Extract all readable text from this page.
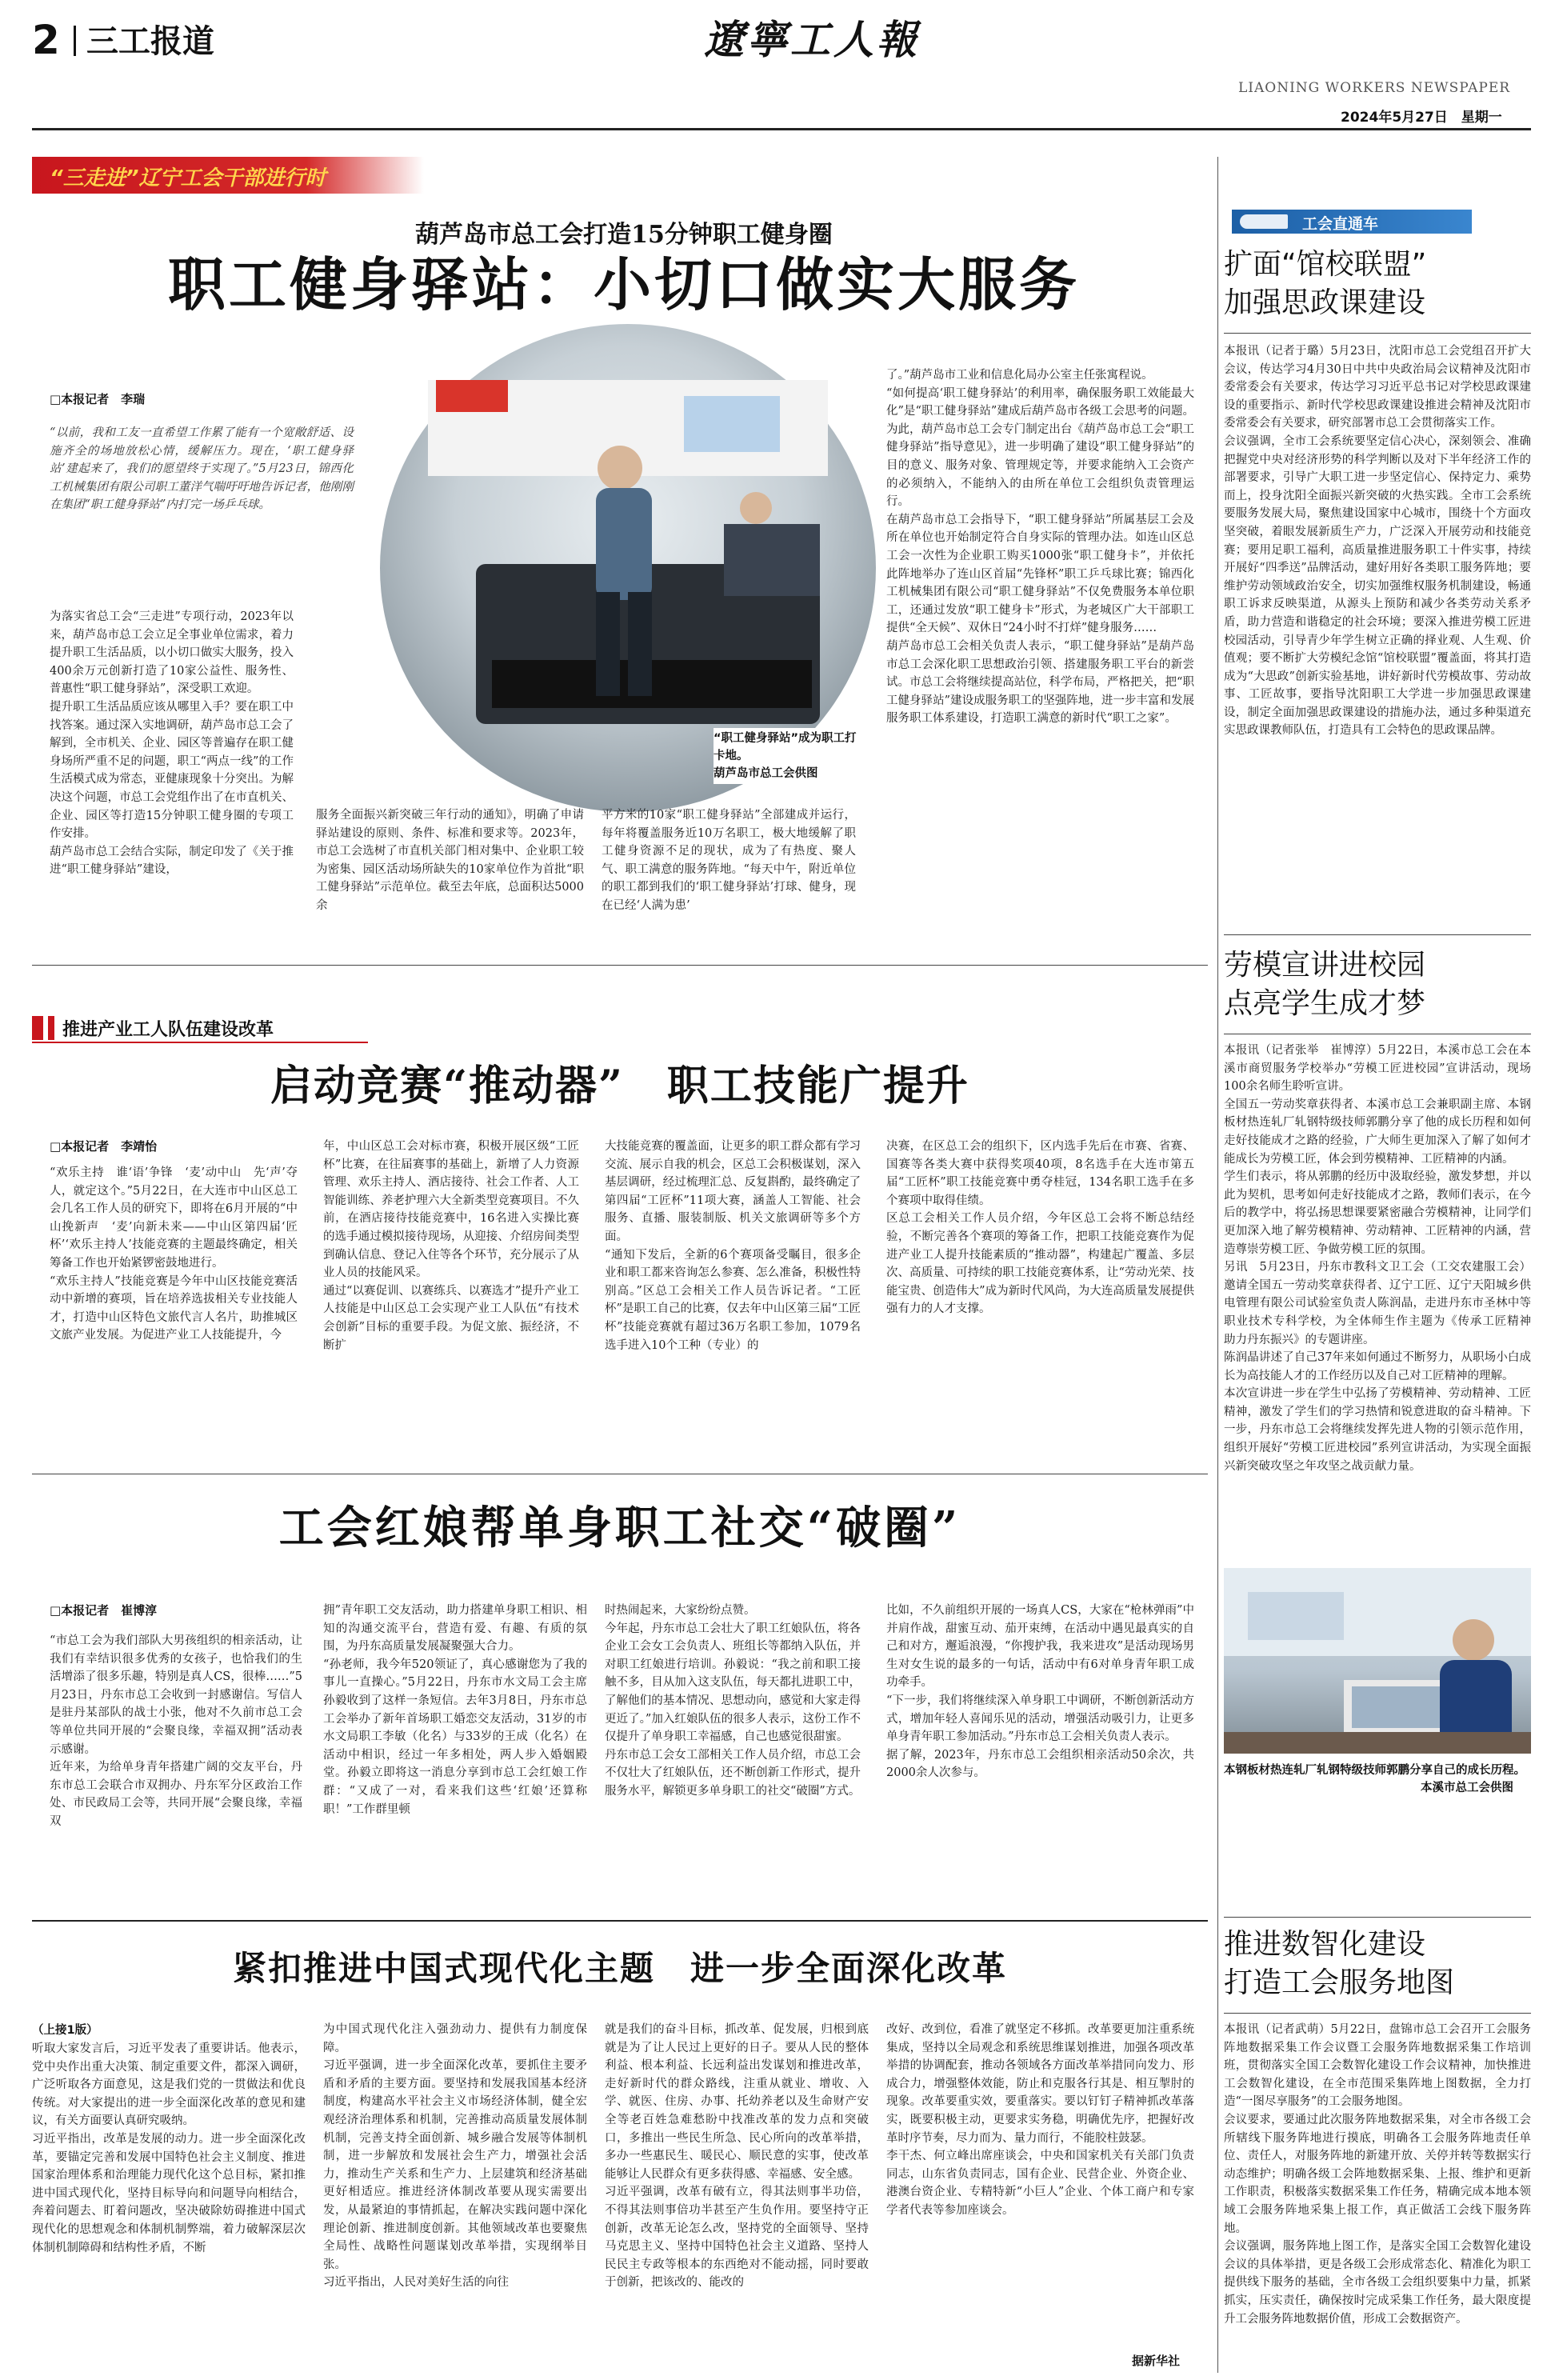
2 三工报道	遼寧工人報
LIAONING WORKERS NEWSPAPER
2024年5月27日　星期一
“三走进”辽宁工会干部进行时
葫芦岛市总工会打造15分钟职工健身圈
职工健身驿站：小切口做实大服务
□本报记者　李瑞
“以前，我和工友一直希望工作累了能有一个宽敞舒适、设施齐全的场地放松心情，缓解压力。现在，‘职工健身驿站’建起来了，我们的愿望终于实现了。”5月23日，锦西化工机械集团有限公司职工董洋气喘吁吁地告诉记者，他刚刚在集团“职工健身驿站”内打完一场乒乓球。
“职工健身驿站”成为职工打卡地。
葫芦岛市总工会供图
为落实省总工会“三走进”专项行动，2023年以来，葫芦岛市总工会立足全事业单位需求，着力提升职工生活品质，以小切口做实大服务，投入400余万元创新打造了10家公益性、服务性、普惠性“职工健身驿站”，深受职工欢迎。
提升职工生活品质应该从哪里入手？要在职工中找答案。通过深入实地调研，葫芦岛市总工会了解到，全市机关、企业、园区等普遍存在职工健身场所严重不足的问题，职工“两点一线”的工作生活模式成为常态，亚健康现象十分突出。为解决这个问题，市总工会党组作出了在市直机关、企业、园区等打造15分钟职工健身圈的专项工作安排。
葫芦岛市总工会结合实际，制定印发了《关于推进“职工健身驿站”建设，
服务全面振兴新突破三年行动的通知》，明确了申请驿站建设的原则、条件、标准和要求等。2023年，市总工会选树了市直机关部门相对集中、企业职工较为密集、园区活动场所缺失的10家单位作为首批“职工健身驿站”示范单位。截至去年底，总面积达5000余
平方米的10家“职工健身驿站”全部建成并运行，每年将覆盖服务近10万名职工，极大地缓解了职工健身资源不足的现状，成为了有热度、聚人气、职工满意的服务阵地。“每天中午，附近单位的职工都到我们的‘职工健身驿站’打球、健身，现在已经‘人满为患’
了。”葫芦岛市工业和信息化局办公室主任张寓程说。
“如何提高‘职工健身驿站’的利用率，确保服务职工效能最大化”是“职工健身驿站”建成后葫芦岛市各级工会思考的问题。为此，葫芦岛市总工会专门制定出台《葫芦岛市总工会“职工健身驿站”指导意见》，进一步明确了建设“职工健身驿站”的目的意义、服务对象、管理规定等，并要求能纳入工会资产的必须纳入，不能纳入的由所在单位工会组织负责管理运行。
在葫芦岛市总工会指导下，“职工健身驿站”所属基层工会及所在单位也开始制定符合自身实际的管理办法。如连山区总工会一次性为企业职工购买1000张“职工健身卡”，并依托此阵地举办了连山区首届“先锋杯”职工乒乓球比赛；锦西化工机械集团有限公司“职工健身驿站”不仅免费服务本单位职工，还通过发放“职工健身卡”形式，为老城区广大干部职工提供“全天候”、双休日“24小时不打烊”健身服务……
葫芦岛市总工会相关负责人表示，“职工健身驿站”是葫芦岛市总工会深化职工思想政治引领、搭建服务职工平台的新尝试。市总工会将继续提高站位，科学布局，严格把关，把“职工健身驿站”建设成服务职工的坚强阵地，进一步丰富和发展服务职工体系建设，打造职工满意的新时代“职工之家”。
推进产业工人队伍建设改革
启动竞赛“推动器”　职工技能广提升
□本报记者　李靖怡
“欢乐主持　谁‘语’争锋　‘麦’动中山　先‘声’夺人，就定这个。”5月22日，在大连市中山区总工会几名工作人员的研究下，即将在6月开展的“中山挽新声　‘麦’向新未来——中山区第四届‘匠杯’‘欢乐主持人’技能竞赛的主题最终确定，相关筹备工作也开始紧锣密鼓地进行。
“欢乐主持人”技能竞赛是今年中山区技能竞赛活动中新增的赛项，旨在培养选拔相关专业技能人才，打造中山区特色文旅代言人名片，助推城区文旅产业发展。为促进产业工人技能提升，今
年，中山区总工会对标市赛，积极开展区级“工匠杯”比赛，在往届赛事的基础上，新增了人力资源管理、欢乐主持人、酒店接待、社会工作者、人工智能训练、养老护理六大全新类型竞赛项目。不久前，在酒店接待技能竞赛中，16名进入实操比赛的选手通过模拟接待现场，从迎接、介绍房间类型到确认信息、登记入住等各个环节，充分展示了从业人员的技能风采。
通过“以赛促训、以赛练兵、以赛选才”提升产业工人技能是中山区总工会实现产业工人队伍“有技术会创新”目标的重要手段。为促文旅、振经济，不断扩
大技能竞赛的覆盖面，让更多的职工群众都有学习交流、展示自我的机会，区总工会积极谋划，深入基层调研，经过梳理汇总、反复斟酌，最终确定了第四届“工匠杯”11项大赛，涵盖人工智能、社会服务、直播、服装制版、机关文旅调研等多个方面。
“通知下发后，全新的6个赛项备受瞩目，很多企业和职工都来咨询怎么参赛、怎么准备，积极性特别高。”区总工会相关工作人员告诉记者。“工匠杯”是职工自己的比赛，仅去年中山区第三届“工匠杯”技能竞赛就有超过36万名职工参加，1079名选手进入10个工种（专业）的
决赛，在区总工会的组织下，区内选手先后在市赛、省赛、国赛等各类大赛中获得奖项40项，8名选手在大连市第五届“工匠杯”职工技能竞赛中勇夺桂冠，134名职工选手在多个赛项中取得佳绩。
区总工会相关工作人员介绍，今年区总工会将不断总结经验，不断完善各个赛项的筹备工作，把职工技能竞赛作为促进产业工人提升技能素质的“推动器”，构建起广覆盖、多层次、高质量、可持续的职工技能竞赛体系，让“劳动光荣、技能宝贵、创造伟大”成为新时代风尚，为大连高质量发展提供强有力的人才支撑。
工会红娘帮单身职工社交“破圈”
□本报记者　崔博淳
“市总工会为我们部队大男孩组织的相亲活动，让我们有幸结识很多优秀的女孩子，也恰我们的生活增添了很多乐趣，特别是真人CS，很棒……”5月23日，丹东市总工会收到一封感谢信。写信人是驻丹某部队的战士小张，他对不久前市总工会等单位共同开展的“会聚良缘，幸福双拥”活动表示感谢。
近年来，为给单身青年搭建广阔的交友平台，丹东市总工会联合市双拥办、丹东军分区政治工作处、市民政局工会等，共同开展“会聚良缘，幸福双
拥”青年职工交友活动，助力搭建单身职工相识、相知的沟通交流平台，营造有爱、有趣、有质的氛围，为丹东高质量发展凝聚强大合力。
“孙老师，我今年520领证了，真心感谢您为了我的事儿一直操心。”5月22日，丹东市水文局工会主席孙毅收到了这样一条短信。去年3月8日，丹东市总工会举办了新年首场职工婚恋交友活动，31岁的市水文局职工李敏（化名）与33岁的王成（化名）在活动中相识，经过一年多相处，两人步入婚姻殿堂。孙毅立即将这一消息分享到市总工会红娘工作群：“又成了一对，看来我们这些‘红娘’还算称职！”工作群里顿
时热闹起来，大家纷纷点赞。
今年起，丹东市总工会壮大了职工红娘队伍，将各企业工会女工会负责人、班组长等都纳入队伍，并对职工红娘进行培训。孙毅说：“我之前和职工接触不多，目从加入这支队伍，每天都扎进职工中，了解他们的基本情况、思想动向，感觉和大家走得更近了。”加入红娘队伍的很多人表示，这份工作不仅提升了单身职工幸福感，自己也感觉很甜蜜。
丹东市总工会女工部相关工作人员介绍，市总工会不仅壮大了红娘队伍，还不断创新工作形式，提升服务水平，解锁更多单身职工的社交“破圈”方式。
比如，不久前组织开展的一场真人CS，大家在“枪林弹雨”中并肩作战，甜蜜互动、茄开束缚，在活动中遇见最真实的自己和对方，邂逅浪漫，“你搜护我，我来进攻”是活动现场男生对女生说的最多的一句话，活动中有6对单身青年职工成功牵手。
“下一步，我们将继续深入单身职工中调研，不断创新活动方式，增加年轻人喜闻乐见的活动，增强活动吸引力，让更多单身青年职工参加活动。”丹东市总工会相关负责人表示。
据了解，2023年，丹东市总工会组织相亲活动50余次，共2000余人次参与。
紧扣推进中国式现代化主题　进一步全面深化改革
（上接1版）
听取大家发言后，习近平发表了重要讲话。他表示，党中央作出重大决策、制定重要文件，都深入调研，广泛听取各方面意见，这是我们党的一贯做法和优良传统。对大家提出的进一步全面深化改革的意见和建议，有关方面要认真研究吸纳。
习近平指出，改革是发展的动力。进一步全面深化改革，要锚定完善和发展中国特色社会主义制度、推进国家治理体系和治理能力现代化这个总目标，紧扣推进中国式现代化，坚持目标导向和问题导向相结合，奔着问题去、盯着问题改，坚决破除妨碍推进中国式现代化的思想观念和体制机制弊端，着力破解深层次体制机制障碍和结构性矛盾，不断
为中国式现代化注入强劲动力、提供有力制度保障。
习近平强调，进一步全面深化改革，要抓住主要矛盾和矛盾的主要方面。要坚持和发展我国基本经济制度，构建高水平社会主义市场经济体制，健全宏观经济治理体系和机制，完善推动高质量发展体制机制，完善支持全面创新、城乡融合发展等体制机制，进一步解放和发展社会生产力，增强社会活力，推动生产关系和生产力、上层建筑和经济基础更好相适应。推进经济体制改革要从现实需要出发，从最紧迫的事情抓起，在解决实践问题中深化理论创新、推进制度创新。其他领域改革也要聚焦全局性、战略性问题谋划改革举措，实现纲举目张。
习近平指出，人民对美好生活的向往
就是我们的奋斗目标，抓改革、促发展，归根到底就是为了让人民过上更好的日子。要从人民的整体利益、根本利益、长远利益出发谋划和推进改革，走好新时代的群众路线，注重从就业、增收、入学、就医、住房、办事、托幼养老以及生命财产安全等老百姓急难愁盼中找准改革的发力点和突破口，多推出一些民生所急、民心所向的改革举措，多办一些惠民生、暖民心、顺民意的实事，使改革能够让人民群众有更多获得感、幸福感、安全感。
习近平强调，改革有破有立，得其法则事半功倍，不得其法则事倍功半甚至产生负作用。要坚持守正创新，改革无论怎么改，坚持党的全面领导、坚持马克思主义、坚持中国特色社会主义道路、坚持人民民主专政等根本的东西绝对不能动摇，同时要敢于创新，把该改的、能改的
改好、改到位，看准了就坚定不移抓。改革要更加注重系统集成，坚持以全局观念和系统思维谋划推进，加强各项改革举措的协调配套，推动各领域各方面改革举措同向发力、形成合力，增强整体效能，防止和克服各行其是、相互掣肘的现象。改革要重实效，要重落实。要以钉钉子精神抓改革落实，既要积极主动，更要求实务稳，明确优先序，把握好改革时序节奏，尽力而为、量力而行，不能胶柱鼓瑟。
李干杰、何立峰出席座谈会，中央和国家机关有关部门负责同志，山东省负责同志，国有企业、民营企业、外资企业、港澳台资企业、专精特新“小巨人”企业、个体工商户和专家学者代表等参加座谈会。
据新华社
工会直通车
扩面“馆校联盟”
加强思政课建设
本报讯（记者于璐）5月23日，沈阳市总工会党组召开扩大会议，传达学习4月30日中共中央政治局会议精神及沈阳市委常委会有关要求，传达学习习近平总书记对学校思政课建设的重要指示、新时代学校思政课建设推进会精神及沈阳市委常委会有关要求，研究部署市总工会贯彻落实工作。
会议强调，全市工会系统要坚定信心决心，深刻领会、准确把握党中央对经济形势的科学判断以及对下半年经济工作的部署要求，引导广大职工进一步坚定信心、保持定力、乘势而上，投身沈阳全面振兴新突破的火热实践。全市工会系统要服务发展大局，聚焦建设国家中心城市，围绕十个方面攻坚突破，着眼发展新质生产力，广泛深入开展劳动和技能竞赛；要用足职工福利，高质量推进服务职工十件实事，持续开展好“四季送”品牌活动，建好用好各类职工服务阵地；要维护劳动领域政治安全，切实加强维权服务机制建设，畅通职工诉求反映渠道，从源头上预防和减少各类劳动关系矛盾，助力营造和谐稳定的社会环境；要深入推进劳模工匠进校园活动，引导青少年学生树立正确的择业观、人生观、价值观；要不断扩大劳模纪念馆“馆校联盟”覆盖面，将其打造成为“大思政”创新实验基地，讲好新时代劳模故事、劳动故事、工匠故事，要指导沈阳职工大学进一步加强思政课建设，制定全面加强思政课建设的措施办法，通过多种渠道充实思政课教师队伍，打造具有工会特色的思政课品牌。
劳模宣讲进校园
点亮学生成才梦
本报讯（记者张举　崔博淳）5月22日，本溪市总工会在本溪市商贸服务学校举办“劳模工匠进校园”宣讲活动，现场100余名师生聆听宣讲。
全国五一劳动奖章获得者、本溪市总工会兼职副主席、本钢板材热连轧厂轧钢特级技师郭鹏分享了他的成长历程和如何走好技能成才之路的经验，广大师生更加深入了解了如何才能成长为劳模工匠，体会到劳模精神、工匠精神的内涵。
学生们表示，将从郭鹏的经历中汲取经验，激发梦想，并以此为契机，思考如何走好技能成才之路，教师们表示，在今后的教学中，将弘扬思想课要紧密融合劳模精神，让同学们更加深入地了解劳模精神、劳动精神、工匠精神的内涵，营造尊崇劳模工匠、争做劳模工匠的氛围。
另讯　5月23日，丹东市教科文卫工会（工交农建服工会）邀请全国五一劳动奖章获得者、辽宁工匠、辽宁天阳城乡供电管理有限公司试验室负责人陈润晶，走进丹东市圣林中等职业技术专科学校，为全体师生作主题为《传承工匠精神　助力丹东振兴》的专题讲座。
陈润晶讲述了自己37年来如何通过不断努力，从职场小白成长为高技能人才的工作经历以及自己对工匠精神的理解。
本次宣讲进一步在学生中弘扬了劳模精神、劳动精神、工匠精神，激发了学生们的学习热情和锐意进取的奋斗精神。下一步，丹东市总工会将继续发挥先进人物的引领示范作用，组织开展好“劳模工匠进校园”系列宣讲活动，为实现全面振兴新突破攻坚之年攻坚之战贡献力量。
本钢板材热连轧厂轧钢特级技师郭鹏分享自己的成长历程。
本溪市总工会供图
推进数智化建设
打造工会服务地图
本报讯（记者武萌）5月22日，盘锦市总工会召开工会服务阵地数据采集工作会议暨工会服务阵地数据采集工作培训班，贯彻落实全国工会数智化建设工作会议精神，加快推进工会数智化建设，在全市范围采集阵地上图数据，全力打造“一图尽享服务”的工会服务地图。
会议要求，要通过此次服务阵地数据采集，对全市各级工会所辖线下服务阵地进行摸底，明确各工会服务阵地责任单位、责任人，对服务阵地的新建开放、关停并转等数据实行动态维护；明确各级工会阵地数据采集、上报、维护和更新工作职责，积极落实数据采集工作任务，精确完成本地本领域工会服务阵地采集上报工作，真正做活工会线下服务阵地。
会议强调，服务阵地上图工作，是落实全国工会数智化建设会议的具体举措，更是各级工会形成常态化、精准化为职工提供线下服务的基础，全市各级工会组织要集中力量，抓紧抓实，压实责任，确保按时完成采集工作任务，最大限度提升工会服务阵地数据价值，形成工会数据资产。
